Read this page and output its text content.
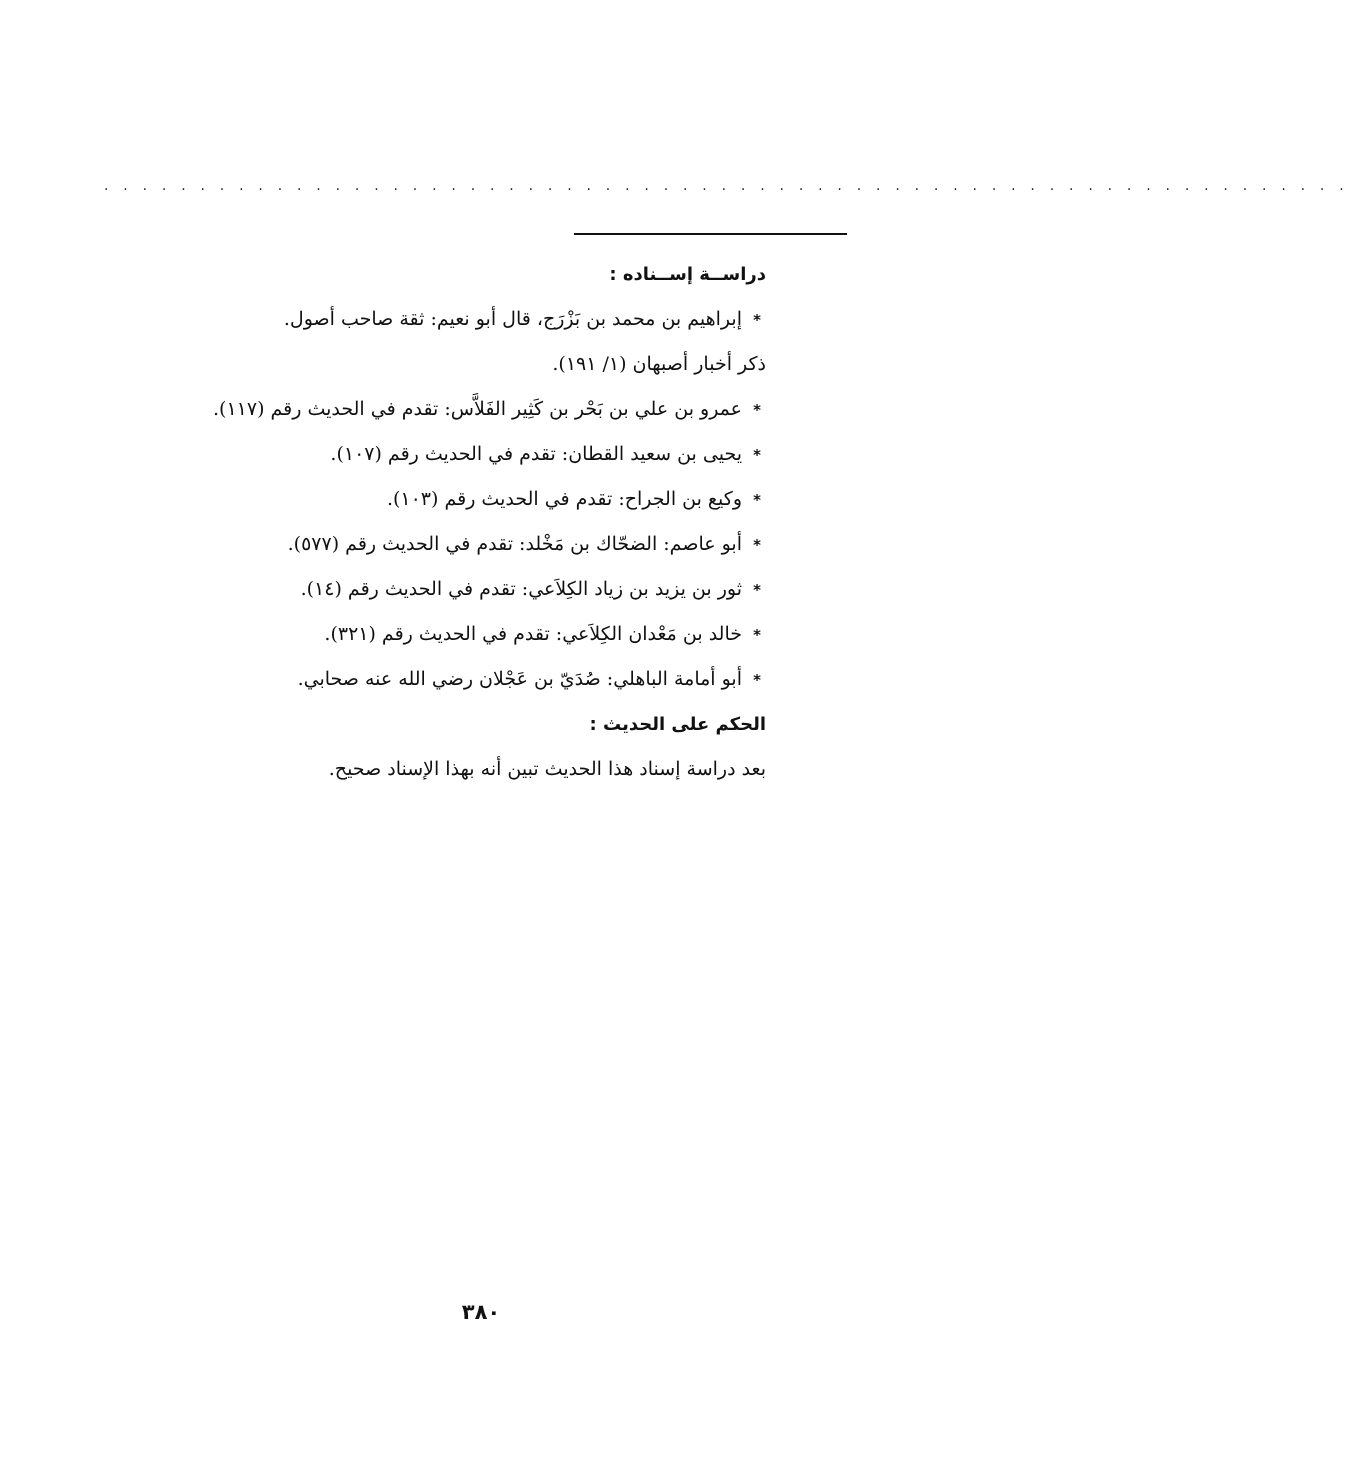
. . . . . . . . . . . . . . . . . . . . . . . . . . . . . . . . . . . . . . . . . . . . . . . . . . . . . . . . . . . . . . . . .
دراســة إســناده :
*إبراهيم بن محمد بن بَزْرَج، قال أبو نعيم: ثقة صاحب أصول.
ذكر أخبار أصبهان (١/ ١٩١).
*عمرو بن علي بن بَحْر بن كَثِير الفَلاَّس: تقدم في الحديث رقم (١١٧).
*يحيى بن سعيد القطان: تقدم في الحديث رقم (١٠٧).
*وكيع بن الجراح: تقدم في الحديث رقم (١٠٣).
*أبو عاصم: الضحّاك بن مَخْلد: تقدم في الحديث رقم (٥٧٧).
*ثور بن يزيد بن زياد الكِلاَعي: تقدم في الحديث رقم (١٤).
*خالد بن مَعْدان الكِلاَعي: تقدم في الحديث رقم (٣٢١).
*أبو أمامة الباهلي: صُدَيّ بن عَجْلان رضي الله عنه صحابي.
الحكم على الحديث :
بعد دراسة إسناد هذا الحديث تبين أنه بهذا الإسناد صحيح.
٣٨٠
